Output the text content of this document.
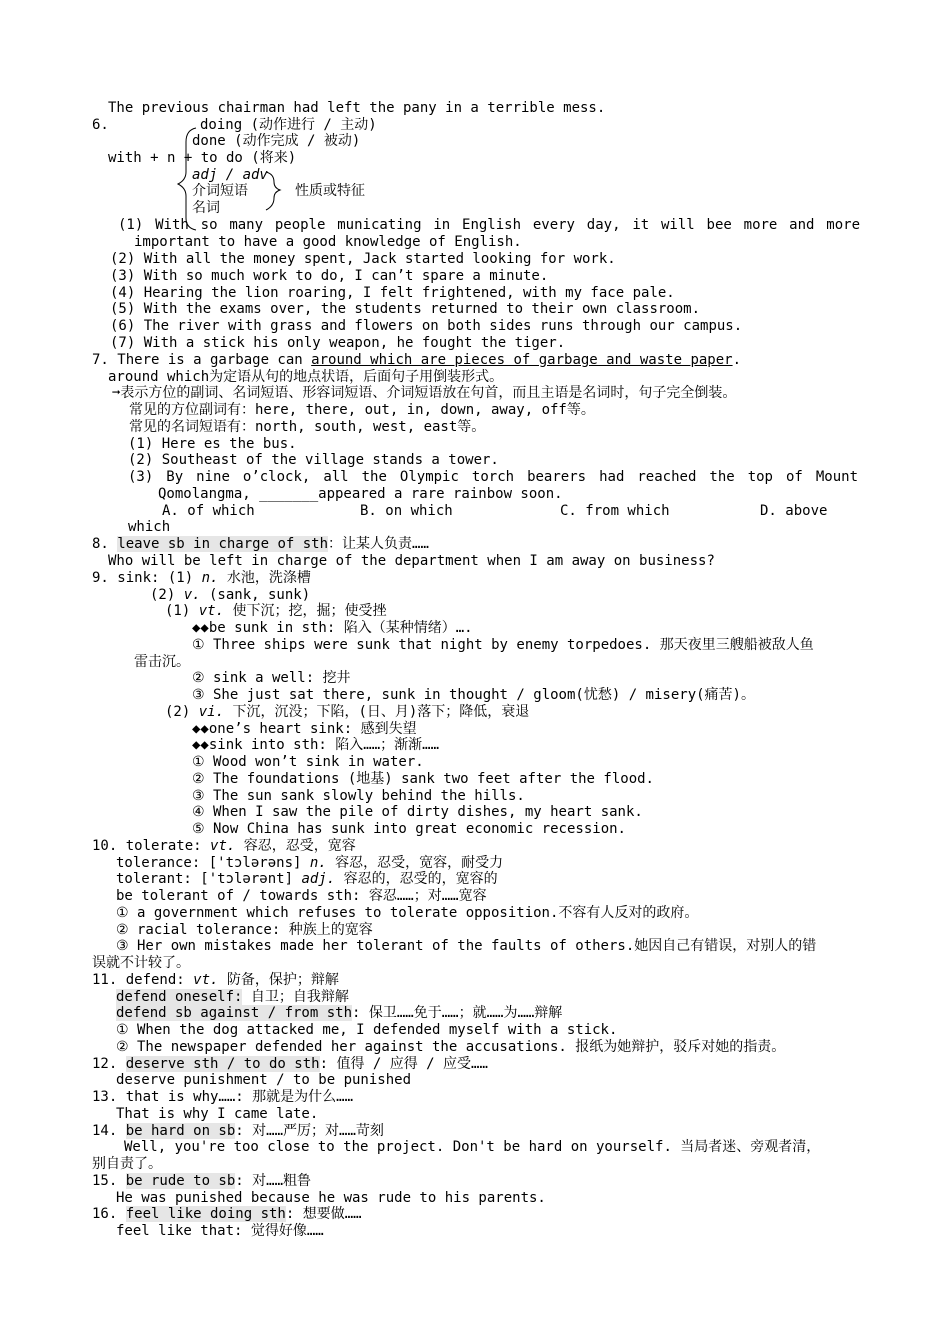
The previous chairman had left the pany in a terrible mess.
6.	doing (动作进行 / 主动)
done (动作完成 / 被动)
with + n + to do (将来)
adj / adv
介词短语	性质或特征
名词
(1) With so many people municating in English every day, it will bee more and more
important to have a good knowledge of English.
(2) With all the money spent, Jack started looking for work.
(3) With so much work to do, I can’t spare a minute.
(4) Hearing the lion roaring, I felt frightened, with my face pale.
(5) With the exams over, the students returned to their own classroom.
(6) The river with grass and flowers on both sides runs through our campus.
(7) With a stick his only weapon, he fought the tiger.
7. There is a garbage can around which are pieces of garbage and waste paper.
around which为定语从句的地点状语，后面句子用倒装形式。
➞表示方位的副词、名词短语、形容词短语、介词短语放在句首，而且主语是名词时，句子完全倒装。
常见的方位副词有：here, there, out, in, down, away, off等。
常见的名词短语有：north, south, west, east等。
(1) Here es the bus.
(2) Southeast of the village stands a tower.
(3) By nine o’clock, all the Olympic torch bearers had reached the top of Mount
Qomolangma, _______appeared a rare rainbow soon.
A. of which	B. on which	C. from which	D. above
which
8. leave sb in charge of sth：让某人负责……
Who will be left in charge of the department when I am away on business?
9. sink: (1) n. 水池，洗涤槽
(2) v. (sank, sunk)
(1) vt. 使下沉；挖，掘；使受挫
◆◆be sunk in sth: 陷入（某种情绪）….
① Three ships were sunk that night by enemy torpedoes. 那天夜里三艘船被敌人鱼
雷击沉。
② sink a well: 挖井
③ She just sat there, sunk in thought / gloom(忧愁) / misery(痛苦)。
(2) vi. 下沉，沉没；下陷，(日、月)落下；降低，衰退
◆◆one’s heart sink: 感到失望
◆◆sink into sth: 陷入……；渐渐……
① Wood won’t sink in water.
② The foundations (地基) sank two feet after the flood.
③ The sun sank slowly behind the hills.
④ When I saw the pile of dirty dishes, my heart sank.
⑤ Now China has sunk into great economic recession.
10. tolerate: vt. 容忍，忍受，宽容
tolerance: ['tɔlərəns] n. 容忍，忍受，宽容，耐受力
tolerant: ['tɔlərənt] adj. 容忍的，忍受的，宽容的
be tolerant of / towards sth: 容忍……；对……宽容
① a government which refuses to tolerate opposition.不容有人反对的政府。
② racial tolerance: 种族上的宽容
③ Her own mistakes made her tolerant of the faults of others.她因自己有错误，对别人的错
误就不计较了。
11. defend: vt. 防备，保护；辩解
defend oneself: 自卫；自我辩解
defend sb against / from sth: 保卫……免于……；就……为……辩解
① When the dog attacked me, I defended myself with a stick.
② The newspaper defended her against the accusations. 报纸为她辩护，驳斥对她的指责。
12. deserve sth / to do sth: 值得 / 应得 / 应受……
deserve punishment / to be punished
13. that is why……: 那就是为什么……
That is why I came late.
14. be hard on sb: 对……严厉；对……苛刻
Well, you're too close to the project. Don't be hard on yourself. 当局者迷、旁观者清，
别自责了。
15. be rude to sb: 对……粗鲁
He was punished because he was rude to his parents.
16. feel like doing sth: 想要做……
feel like that: 觉得好像……
